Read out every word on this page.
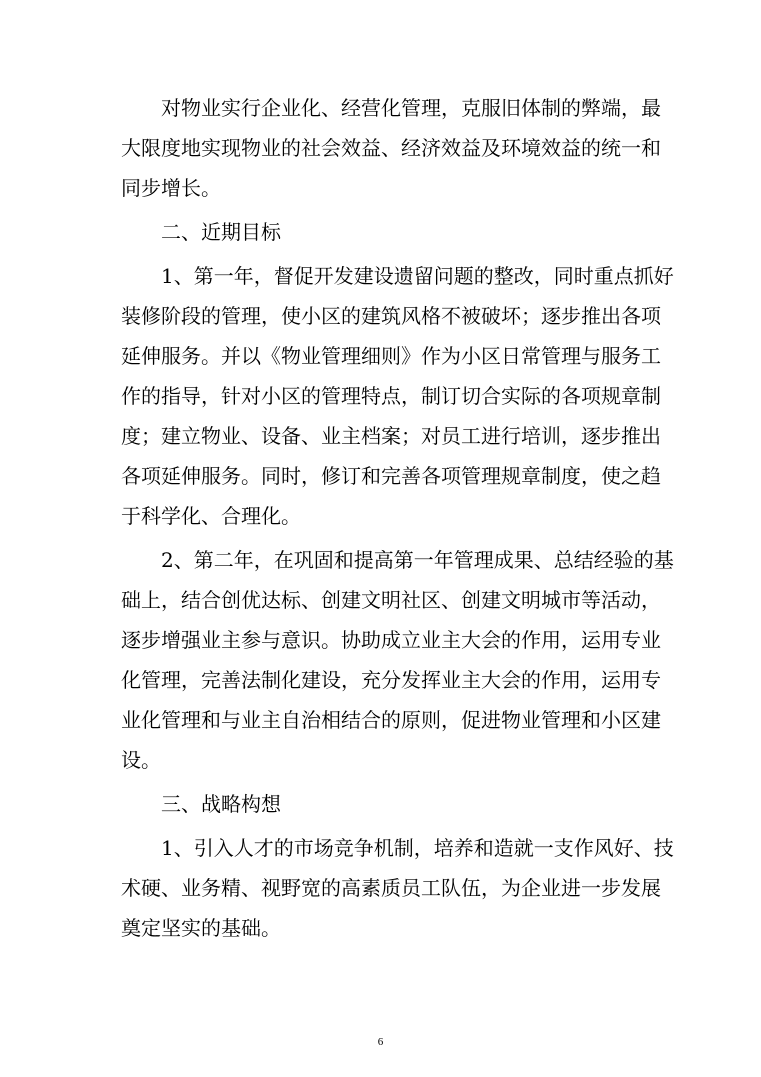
对物业实行企业化、经营化管理，克服旧体制的弊端，最
大限度地实现物业的社会效益、经济效益及环境效益的统一和
同步增长。
二、近期目标
1、第一年，督促开发建设遗留问题的整改，同时重点抓好
装修阶段的管理，使小区的建筑风格不被破坏；逐步推出各项
延伸服务。并以《物业管理细则》作为小区日常管理与服务工
作的指导，针对小区的管理特点，制订切合实际的各项规章制
度；建立物业、设备、业主档案；对员工进行培训，逐步推出
各项延伸服务。同时，修订和完善各项管理规章制度，使之趋
于科学化、合理化。
2、第二年，在巩固和提高第一年管理成果、总结经验的基
础上，结合创优达标、创建文明社区、创建文明城市等活动，
逐步增强业主参与意识。协助成立业主大会的作用，运用专业
化管理，完善法制化建设，充分发挥业主大会的作用，运用专
业化管理和与业主自治相结合的原则，促进物业管理和小区建
设。
三、战略构想
1、引入人才的市场竞争机制，培养和造就一支作风好、技
术硬、业务精、视野宽的高素质员工队伍，为企业进一步发展
奠定坚实的基础。
6
